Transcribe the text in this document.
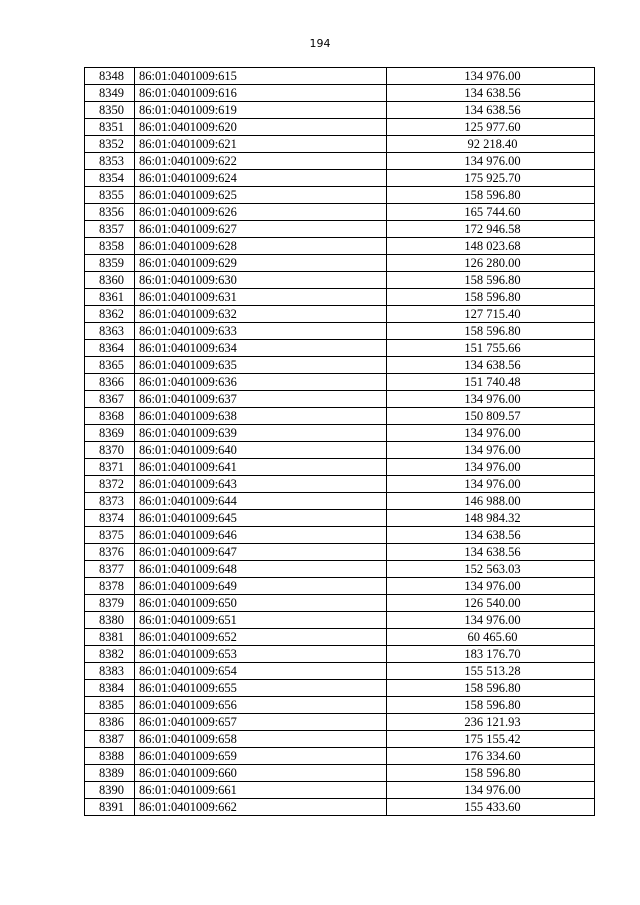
194
8348	86:01:0401009:615	134 976.00
8349	86:01:0401009:616	134 638.56
8350	86:01:0401009:619	134 638.56
8351	86:01:0401009:620	125 977.60
8352	86:01:0401009:621	92 218.40
8353	86:01:0401009:622	134 976.00
8354	86:01:0401009:624	175 925.70
8355	86:01:0401009:625	158 596.80
8356	86:01:0401009:626	165 744.60
8357	86:01:0401009:627	172 946.58
8358	86:01:0401009:628	148 023.68
8359	86:01:0401009:629	126 280.00
8360	86:01:0401009:630	158 596.80
8361	86:01:0401009:631	158 596.80
8362	86:01:0401009:632	127 715.40
8363	86:01:0401009:633	158 596.80
8364	86:01:0401009:634	151 755.66
8365	86:01:0401009:635	134 638.56
8366	86:01:0401009:636	151 740.48
8367	86:01:0401009:637	134 976.00
8368	86:01:0401009:638	150 809.57
8369	86:01:0401009:639	134 976.00
8370	86:01:0401009:640	134 976.00
8371	86:01:0401009:641	134 976.00
8372	86:01:0401009:643	134 976.00
8373	86:01:0401009:644	146 988.00
8374	86:01:0401009:645	148 984.32
8375	86:01:0401009:646	134 638.56
8376	86:01:0401009:647	134 638.56
8377	86:01:0401009:648	152 563.03
8378	86:01:0401009:649	134 976.00
8379	86:01:0401009:650	126 540.00
8380	86:01:0401009:651	134 976.00
8381	86:01:0401009:652	60 465.60
8382	86:01:0401009:653	183 176.70
8383	86:01:0401009:654	155 513.28
8384	86:01:0401009:655	158 596.80
8385	86:01:0401009:656	158 596.80
8386	86:01:0401009:657	236 121.93
8387	86:01:0401009:658	175 155.42
8388	86:01:0401009:659	176 334.60
8389	86:01:0401009:660	158 596.80
8390	86:01:0401009:661	134 976.00
8391	86:01:0401009:662	155 433.60
